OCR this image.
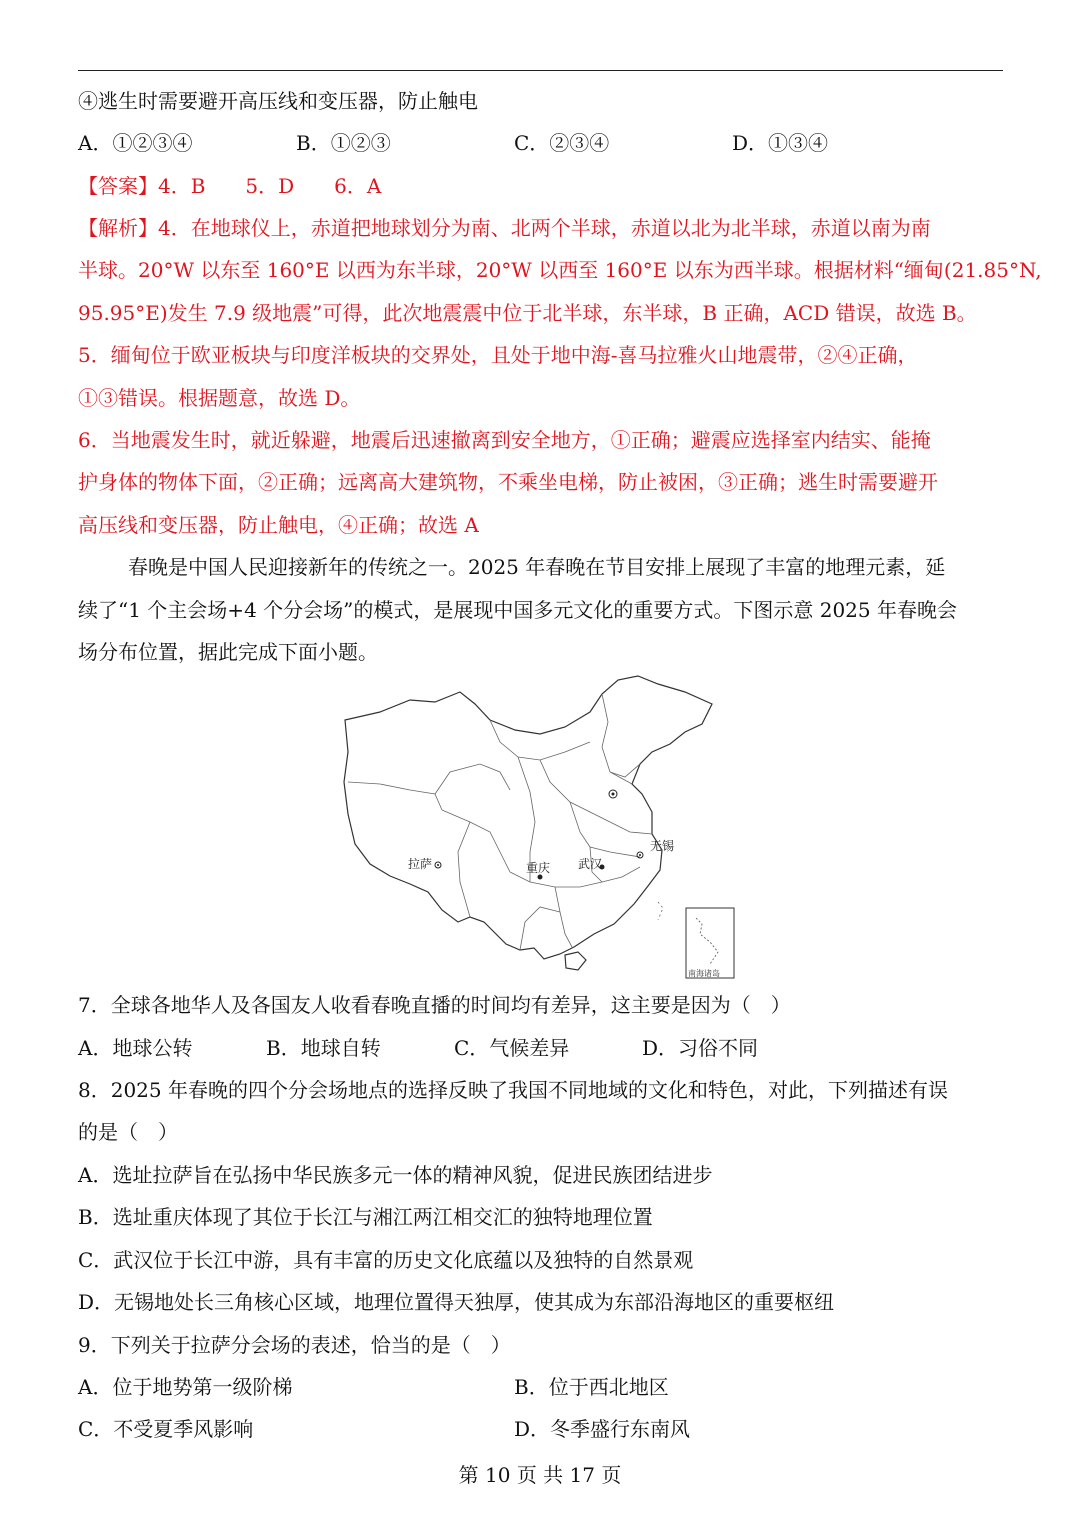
④逃生时需要避开高压线和变压器，防止触电
A．①②③④	B．①②③	C．②③④	D．①③④
【答案】4．B　　5．D　　6．A
【解析】4．在地球仪上，赤道把地球划分为南、北两个半球，赤道以北为北半球，赤道以南为南
半球。20°W 以东至 160°E 以西为东半球，20°W 以西至 160°E 以东为西半球。根据材料“缅甸(21.85°N,
95.95°E)发生 7.9 级地震”可得，此次地震震中位于北半球，东半球，B 正确，ACD 错误，故选 B。
5．缅甸位于欧亚板块与印度洋板块的交界处，且处于地中海-喜马拉雅火山地震带，②④正确，
①③错误。根据题意，故选 D。
6．当地震发生时，就近躲避，地震后迅速撤离到安全地方，①正确；避震应选择室内结实、能掩
护身体的物体下面，②正确；远离高大建筑物，不乘坐电梯，防止被困，③正确；逃生时需要避开
高压线和变压器，防止触电，④正确；故选 A
春晚是中国人民迎接新年的传统之一。2025 年春晚在节目安排上展现了丰富的地理元素，延
续了“1 个主会场+4 个分会场”的模式，是展现中国多元文化的重要方式。下图示意 2025 年春晚会
场分布位置，据此完成下面小题。
南海诸岛
拉萨	重庆 武汉
无锡
7．全球各地华人及各国友人收看春晚直播的时间均有差异，这主要是因为（　）
A．地球公转	B．地球自转	C．气候差异	D．习俗不同
8．2025 年春晚的四个分会场地点的选择反映了我国不同地域的文化和特色，对此，下列描述有误
的是（　）
A．选址拉萨旨在弘扬中华民族多元一体的精神风貌，促进民族团结进步
B．选址重庆体现了其位于长江与湘江两江相交汇的独特地理位置
C．武汉位于长江中游，具有丰富的历史文化底蕴以及独特的自然景观
D．无锡地处长三角核心区域，地理位置得天独厚，使其成为东部沿海地区的重要枢纽
9．下列关于拉萨分会场的表述，恰当的是（　）
A．位于地势第一级阶梯	B．位于西北地区
C．不受夏季风影响	D．冬季盛行东南风
第 10 页 共 17 页
